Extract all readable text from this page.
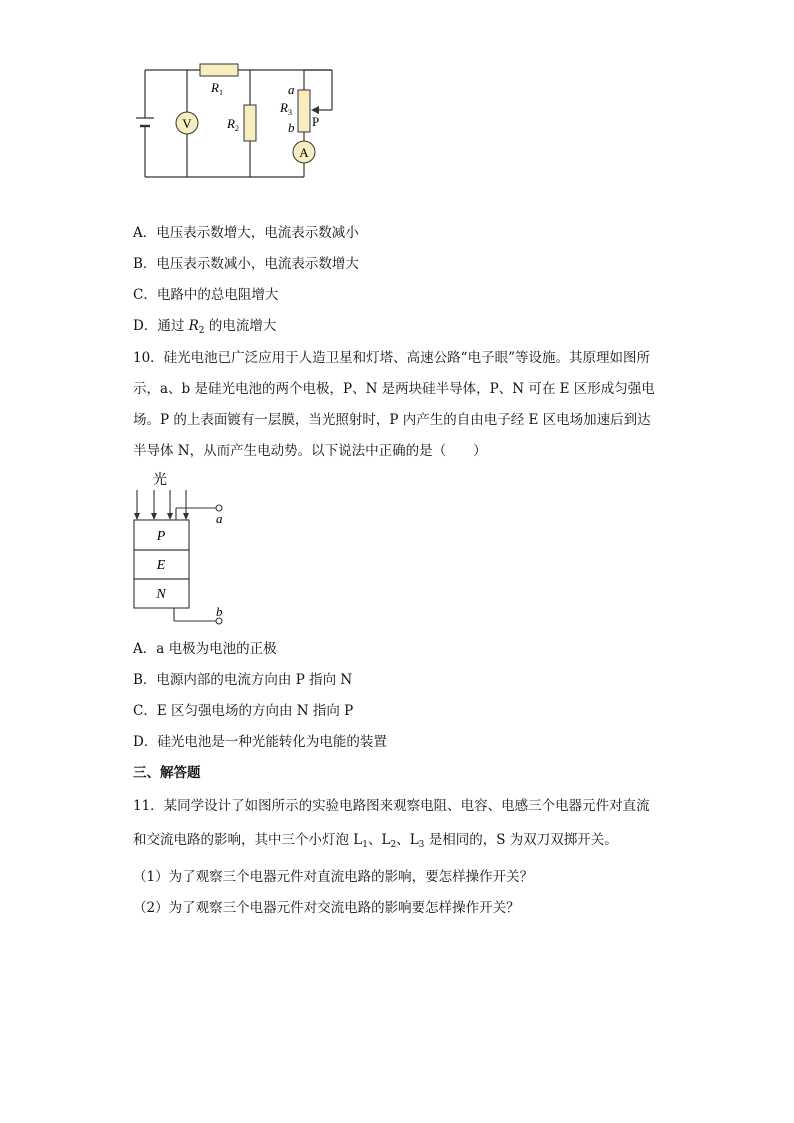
V
A
$R_1$
$R_2$
a
$R_3$
b P
A．电压表示数增大，电流表示数减小
B．电压表示数减小，电流表示数增大
C．电路中的总电阻增大
D．通过 $R_2$ 的电流增大
10．硅光电池已广泛应用于人造卫星和灯塔、高速公路“电子眼”等设施。其原理如图所
示，a、b 是硅光电池的两个电极，P、N 是两块硅半导体，P、N 可在 E 区形成匀强电
场。P 的上表面镀有一层膜，当光照射时，P 内产生的自由电子经 E 区电场加速后到达
半导体 N，从而产生电动势。以下说法中正确的是（　　）
光
a
b
P
E
N
A．a 电极为电池的正极
B．电源内部的电流方向由 P 指向 N
C．E 区匀强电场的方向由 N 指向 P
D．硅光电池是一种光能转化为电能的装置
三、解答题
11．某同学设计了如图所示的实验电路图来观察电阻、电容、电感三个电器元件对直流
和交流电路的影响，其中三个小灯泡 $L_1$、$L_2$、$L_3$ 是相同的，S 为双刀双掷开关。
（1）为了观察三个电器元件对直流电路的影响，要怎样操作开关？
（2）为了观察三个电器元件对交流电路的影响要怎样操作开关？
